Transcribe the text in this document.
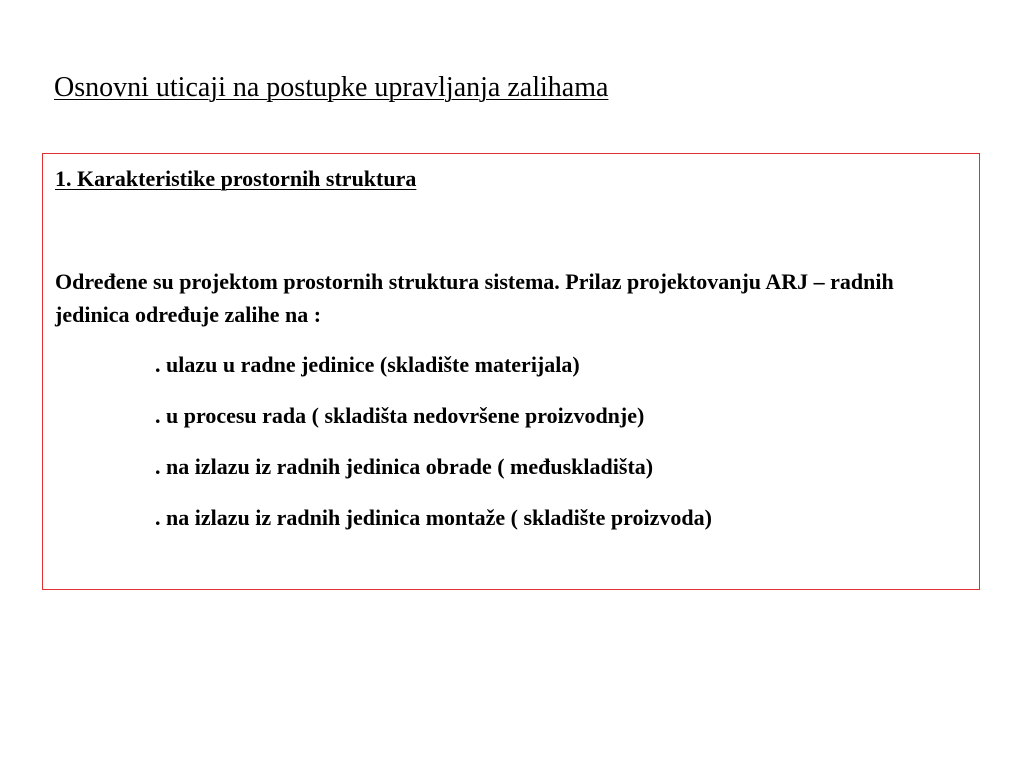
Osnovni uticaji na postupke upravljanja zalihama
1. Karakteristike prostornih struktura

Određene su projektom prostornih struktura sistema. Prilaz projektovanju ARJ – radnih jedinica određuje zalihe na :

. ulazu u radne jedinice (skladište materijala)
. u procesu rada ( skladišta nedovršene proizvodnje)
. na izlazu iz radnih jedinica obrade ( međuskladišta)
. na izlazu iz radnih jedinica montaže ( skladište proizvoda)
